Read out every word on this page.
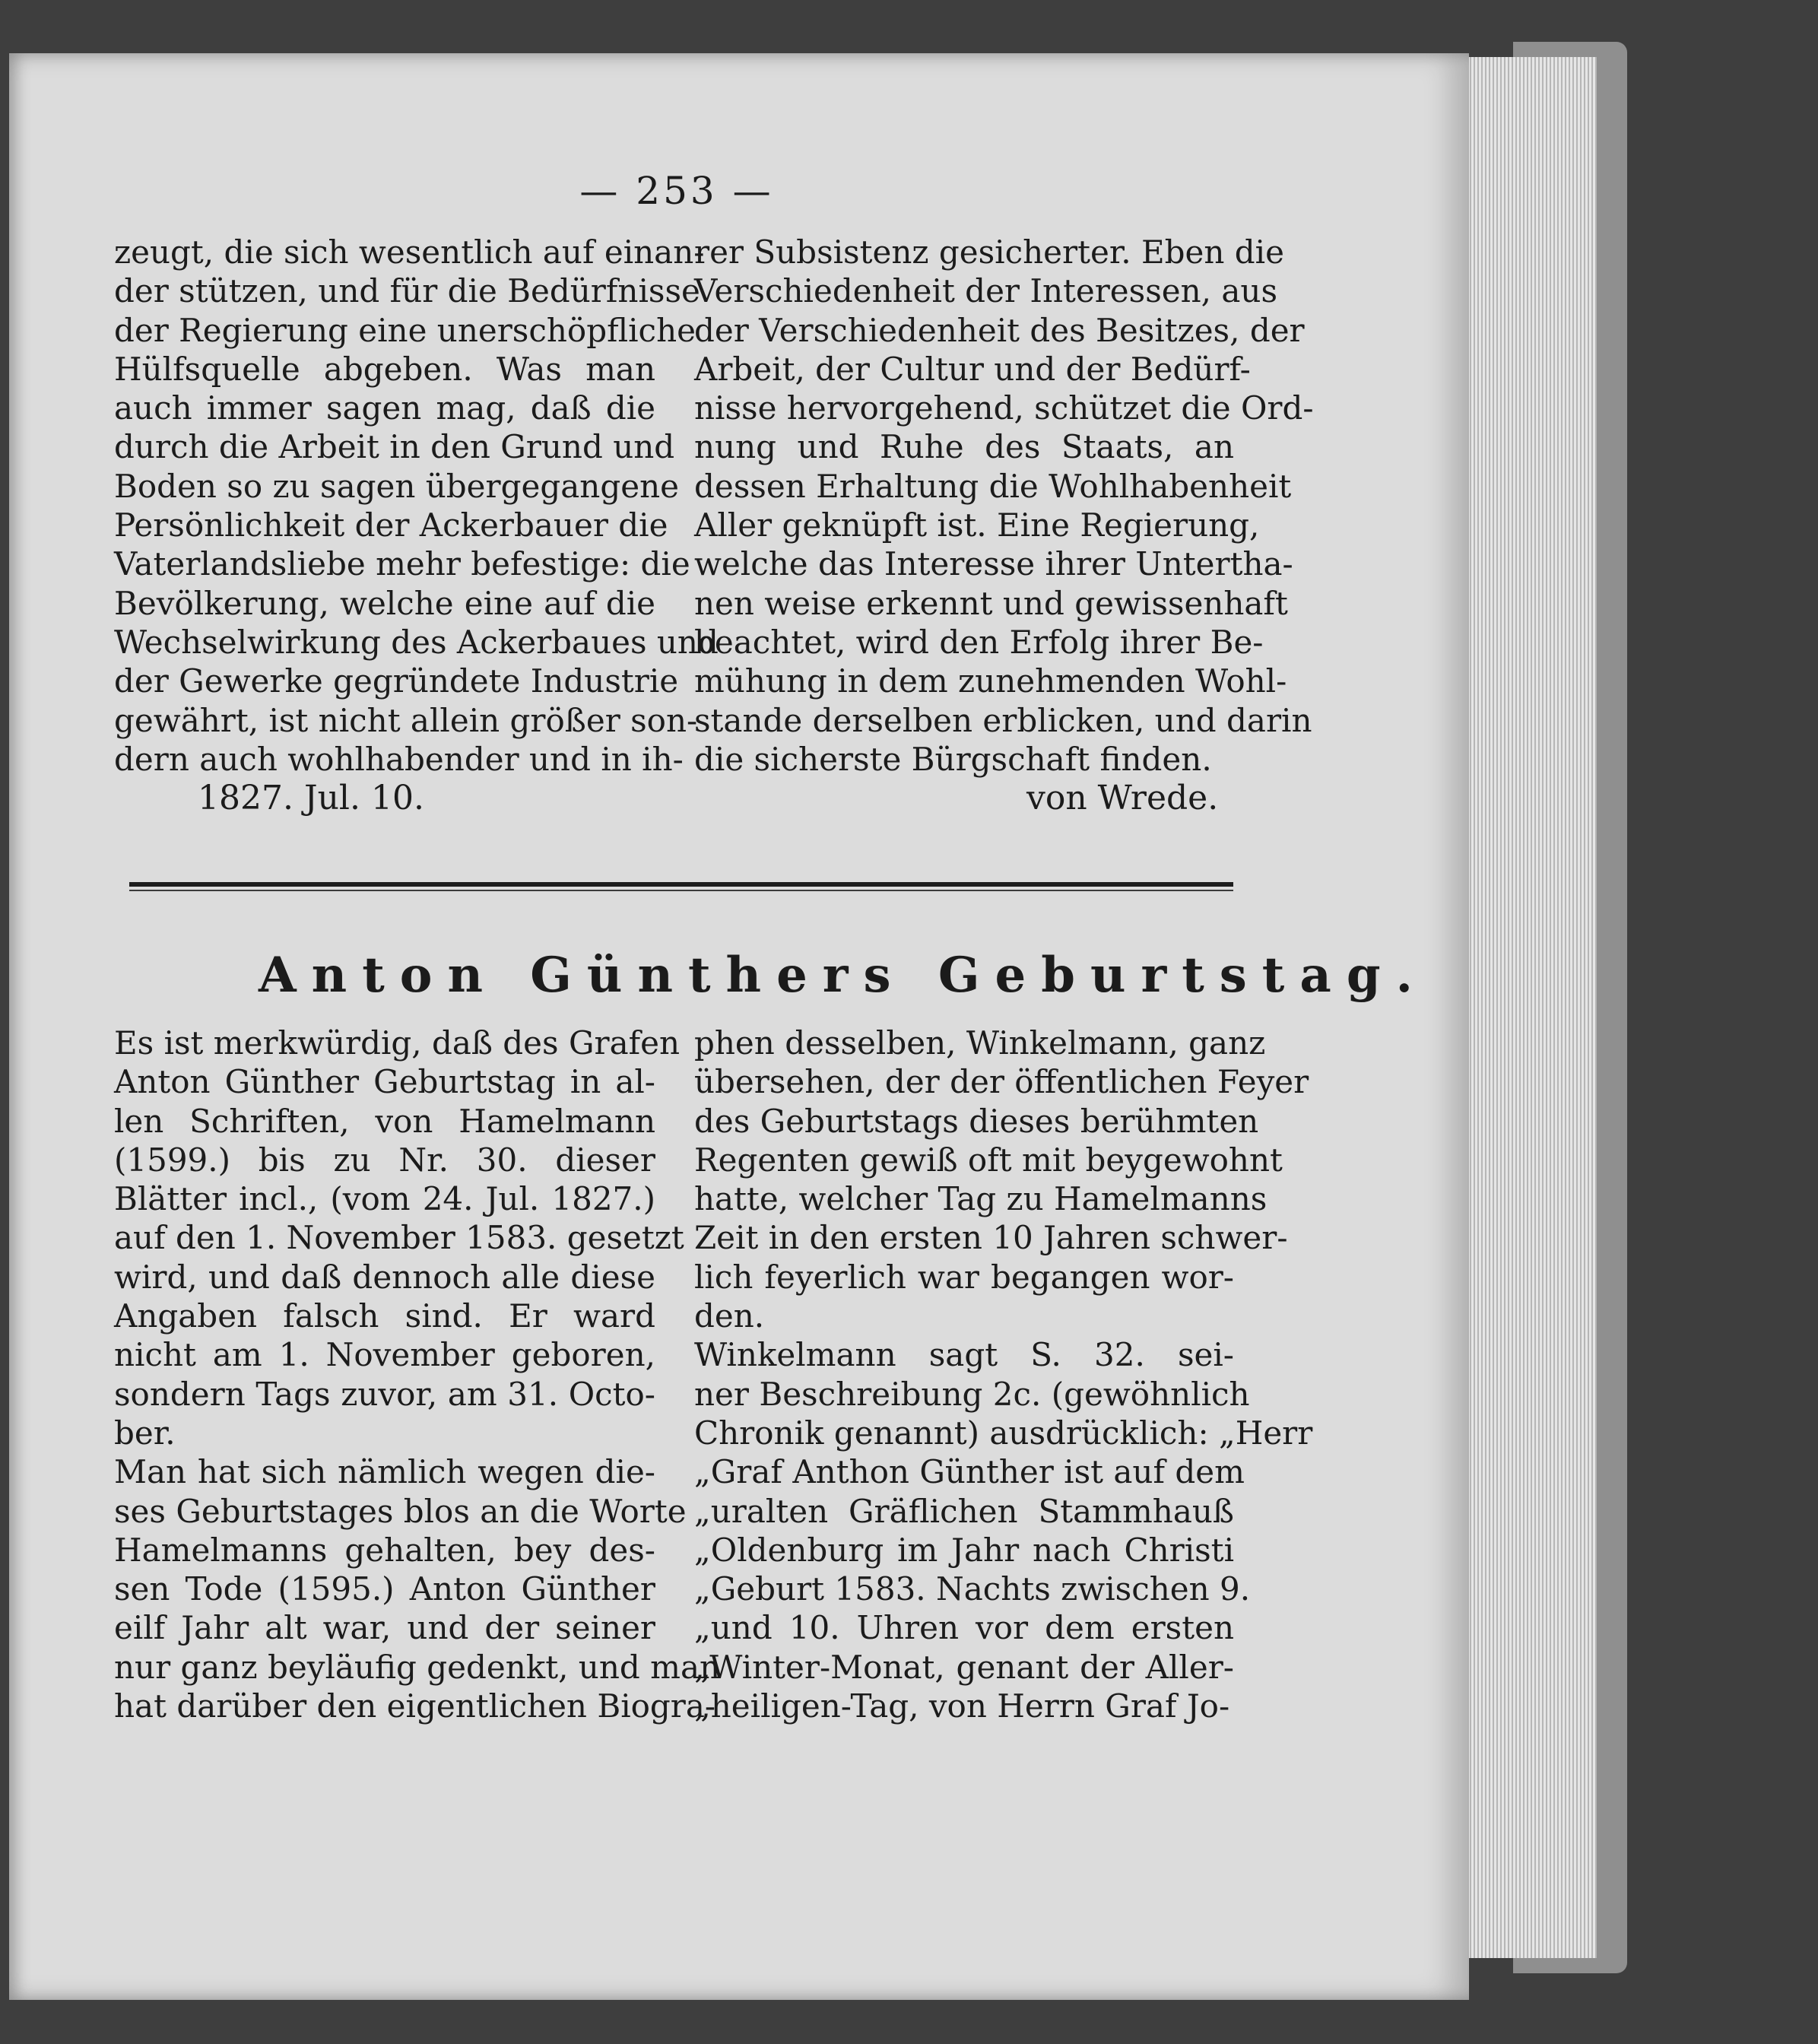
— 253 —
zeugt, die sich wesentlich auf einan-
der stützen, und für die Bedürfnisse
der Regierung eine unerschöpfliche
Hülfsquelle abgeben. Was man
auch immer sagen mag, daß die
durch die Arbeit in den Grund und
Boden so zu sagen übergegangene
Persönlichkeit der Ackerbauer die
Vaterlandsliebe mehr befestige: die
Bevölkerung, welche eine auf die
Wechselwirkung des Ackerbaues und
der Gewerke gegründete Industrie
gewährt, ist nicht allein größer son-
dern auch wohlhabender und in ih-
rer Subsistenz gesicherter. Eben die
Verschiedenheit der Interessen, aus
der Verschiedenheit des Besitzes, der
Arbeit, der Cultur und der Bedürf-
nisse hervorgehend, schützet die Ord-
nung und Ruhe des Staats, an
dessen Erhaltung die Wohlhabenheit
Aller geknüpft ist. Eine Regierung,
welche das Interesse ihrer Untertha-
nen weise erkennt und gewissenhaft
beachtet, wird den Erfolg ihrer Be-
mühung in dem zunehmenden Wohl-
stande derselben erblicken, und darin
die sicherste Bürgschaft finden.
1827. Jul. 10.	von Wrede.
Anton Günthers Geburtstag.
Es ist merkwürdig, daß des Grafen
Anton Günther Geburtstag in al-
len Schriften, von Hamelmann
(1599.) bis zu Nr. 30. dieser
Blätter incl., (vom 24. Jul. 1827.)
auf den 1. November 1583. gesetzt
wird, und daß dennoch alle diese
Angaben falsch sind. Er ward
nicht am 1. November geboren,
sondern Tags zuvor, am 31. Octo-
ber.
Man hat sich nämlich wegen die-
ses Geburtstages blos an die Worte
Hamelmanns gehalten, bey des-
sen Tode (1595.) Anton Günther
eilf Jahr alt war, und der seiner
nur ganz beyläufig gedenkt, und man
hat darüber den eigentlichen Biogra-
phen desselben, Winkelmann, ganz
übersehen, der der öffentlichen Feyer
des Geburtstags dieses berühmten
Regenten gewiß oft mit beygewohnt
hatte, welcher Tag zu Hamelmanns
Zeit in den ersten 10 Jahren schwer-
lich feyerlich war begangen wor-
den.
Winkelmann sagt S. 32. sei-
ner Beschreibung 2c. (gewöhnlich
Chronik genannt) ausdrücklich: „Herr
„Graf Anthon Günther ist auf dem
„uralten Gräflichen Stammhauß
„Oldenburg im Jahr nach Christi
„Geburt 1583. Nachts zwischen 9.
„und 10. Uhren vor dem ersten
„Winter-Monat, genant der Aller-
„heiligen-Tag, von Herrn Graf Jo-
